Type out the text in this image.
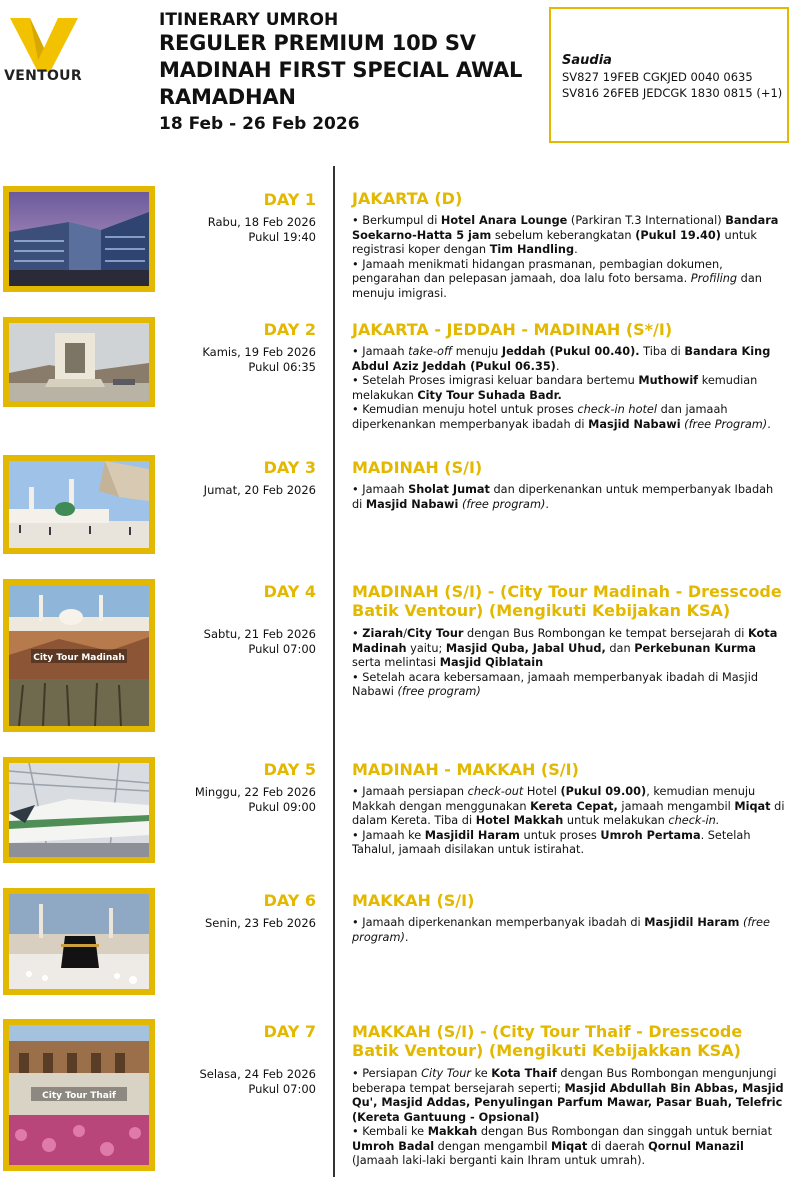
VENTOUR
ITINERARY UMROH
REGULER PREMIUM 10D SV MADINAH FIRST SPECIAL AWAL RAMADHAN
18 Feb - 26 Feb 2026
Saudia
SV827 19FEB CGKJED 0040 0635
SV816 26FEB JEDCGK 1830 0815 (+1)
DAY 1
Rabu, 18 Feb 2026
Pukul 19:40
JAKARTA (D)

• Berkumpul di Hotel Anara Lounge (Parkiran T.3 International) Bandara Soekarno-Hatta 5 jam sebelum keberangkatan (Pukul 19.40) untuk registrasi koper dengan Tim Handling.

• Jamaah menikmati hidangan prasmanan, pembagian dokumen, pengarahan dan pelepasan jamaah, doa lalu foto bersama. Profiling dan menuju imigrasi.

DAY 2
Kamis, 19 Feb 2026
Pukul 06:35
JAKARTA - JEDDAH - MADINAH (S*/I)

• Jamaah take-off menuju Jeddah (Pukul 00.40). Tiba di Bandara King Abdul Aziz Jeddah (Pukul 06.35).

• Setelah Proses imigrasi keluar bandara bertemu Muthowif kemudian melakukan City Tour Suhada Badr.

• Kemudian menuju hotel untuk proses check-in hotel dan jamaah diperkenankan memperbanyak ibadah di Masjid Nabawi (free Program).

DAY 3
Jumat, 20 Feb 2026
MADINAH (S/I)

• Jamaah Sholat Jumat dan diperkenankan untuk memperbanyak Ibadah di Masjid Nabawi (free program).

City Tour Madinah
DAY 4
Sabtu, 21 Feb 2026
Pukul 07:00
MADINAH (S/I) - (City Tour Madinah - Dresscode Batik Ventour) (Mengikuti Kebijakan KSA)

• Ziarah/City Tour dengan Bus Rombongan ke tempat bersejarah di Kota Madinah yaitu; Masjid Quba, Jabal Uhud, dan Perkebunan Kurma serta melintasi Masjid Qiblatain

• Setelah acara kebersamaan, jamaah memperbanyak ibadah di Masjid Nabawi (free program)

DAY 5
Minggu, 22 Feb 2026
Pukul 09:00
MADINAH - MAKKAH (S/I)

• Jamaah persiapan check-out Hotel (Pukul 09.00), kemudian menuju Makkah dengan menggunakan Kereta Cepat, jamaah mengambil Miqat di dalam Kereta. Tiba di Hotel Makkah untuk melakukan check-in.

• Jamaah ke Masjidil Haram untuk proses Umroh Pertama. Setelah Tahalul, jamaah disilakan untuk istirahat.

DAY 6
Senin, 23 Feb 2026
MAKKAH (S/I)

• Jamaah diperkenankan memperbanyak ibadah di Masjidil Haram (free program).

City Tour Thaif
DAY 7
Selasa, 24 Feb 2026
Pukul 07:00
MAKKAH (S/I) - (City Tour Thaif - Dresscode Batik Ventour) (Mengikuti Kebijakkan KSA)

• Persiapan City Tour ke Kota Thaif dengan Bus Rombongan mengunjungi beberapa tempat bersejarah seperti; Masjid Abdullah Bin Abbas, Masjid Qu', Masjid Addas, Penyulingan Parfum Mawar, Pasar Buah, Telefric (Kereta Gantuung - Opsional)

• Kembali ke Makkah dengan Bus Rombongan dan singgah untuk berniat Umroh Badal dengan mengambil Miqat di daerah Qornul Manazil (Jamaah laki-laki berganti kain Ihram untuk umrah).
